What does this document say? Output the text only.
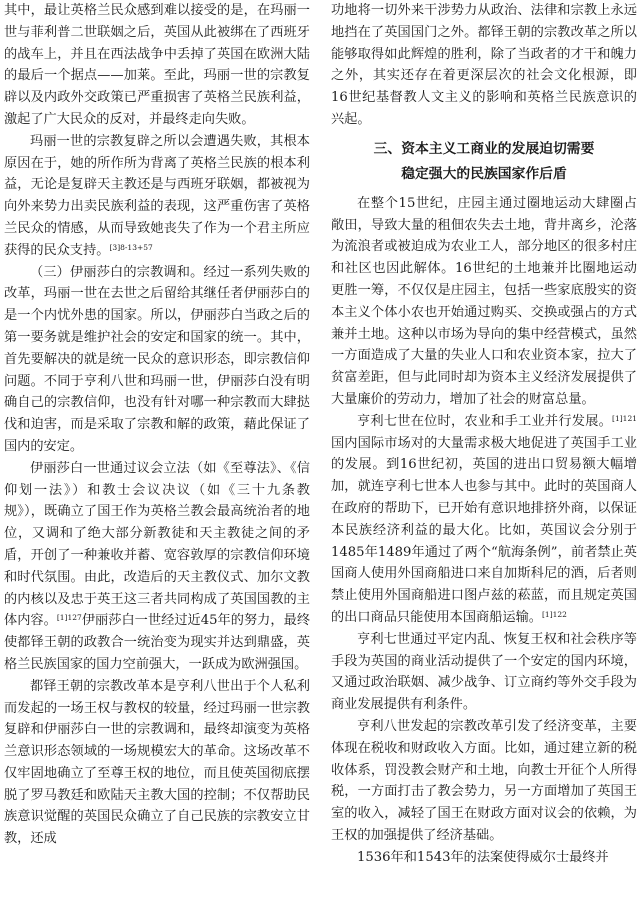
其中，最让英格兰民众感到难以接受的是，在玛丽一世与菲利普二世联姻之后，英国从此被绑在了西班牙的战车上，并且在西法战争中丢掉了英国在欧洲大陆的最后一个据点——加莱。至此，玛丽一世的宗教复辟以及内政外交政策已严重损害了英格兰民族利益，激起了广大民众的反对，并最终走向失败。

玛丽一世的宗教复辟之所以会遭遇失败，其根本原因在于，她的所作所为背离了英格兰民族的根本利益，无论是复辟天主教还是与西班牙联姻，都被视为向外来势力出卖民族利益的表现，这严重伤害了英格兰民众的情感，从而导致她丧失了作为一个君主所应获得的民众支持。$^{[3]8-13+57}$

（三）伊丽莎白的宗教调和。经过一系列失败的改革，玛丽一世在去世之后留给其继任者伊丽莎白的是一个内忧外患的国家。所以，伊丽莎白当政之后的第一要务就是维护社会的安定和国家的统一。其中，首先要解决的就是统一民众的意识形态，即宗教信仰问题。不同于亨利八世和玛丽一世，伊丽莎白没有明确自己的宗教信仰，也没有针对哪一种宗教而大肆挞伐和迫害，而是采取了宗教和解的政策，藉此保证了国内的安定。

伊丽莎白一世通过议会立法（如《至尊法》、《信仰划一法》）和教士会议决议（如《三十九条教规》），既确立了国王作为英格兰教会最高统治者的地位，又调和了绝大部分新教徒和天主教徒之间的矛盾，开创了一种兼收并蓄、宽容敦厚的宗教信仰环境和时代氛围。由此，改造后的天主教仪式、加尔文教的内核以及忠于英王这三者共同构成了英国国教的主体内容。$^{[1]127}$伊丽莎白一世经过近45年的努力，最终使都铎王朝的政教合一统治变为现实并达到鼎盛，英格兰民族国家的国力空前强大，一跃成为欧洲强国。

都铎王朝的宗教改革本是亨利八世出于个人私利而发起的一场王权与教权的较量，经过玛丽一世宗教复辟和伊丽莎白一世的宗教调和，最终却演变为英格兰意识形态领域的一场规模宏大的革命。这场改革不仅牢固地确立了至尊王权的地位，而且使英国彻底摆脱了罗马教廷和欧陆天主教大国的控制；不仅帮助民族意识觉醒的英国民众确立了自己民族的宗教安立甘教，还成

功地将一切外来干涉势力从政治、法律和宗教上永远地挡在了英国国门之外。都铎王朝的宗教改革之所以能够取得如此辉煌的胜利，除了当政者的才干和魄力之外，其实还存在着更深层次的社会文化根源，即16世纪基督教人文主义的影响和英格兰民族意识的兴起。

三、资本主义工商业的发展迫切需要
稳定强大的民族国家作后盾

在整个15世纪，庄园主通过圈地运动大肆圈占敞田，导致大量的租佃农失去土地，背井离乡，沦落为流浪者或被迫成为农业工人，部分地区的很多村庄和社区也因此解体。16世纪的土地兼并比圈地运动更胜一筹，不仅仅是庄园主，包括一些家底殷实的资本主义个体小农也开始通过购买、交换或强占的方式兼并土地。这种以市场为导向的集中经营模式，虽然一方面造成了大量的失业人口和农业资本家，拉大了贫富差距，但与此同时却为资本主义经济发展提供了大量廉价的劳动力，增加了社会的财富总量。

亨利七世在位时，农业和手工业并行发展。$^{[1]121}$国内国际市场对的大量需求极大地促进了英国手工业的发展。到16世纪初，英国的进出口贸易额大幅增加，就连亨利七世本人也参与其中。此时的英国商人在政府的帮助下，已开始有意识地排挤外商，以保证本民族经济利益的最大化。比如，英国议会分别于1485年1489年通过了两个“航海条例”，前者禁止英国商人使用外国商船进口来自加斯科尼的酒，后者则禁止使用外国商船进口图卢兹的菘蓝，而且规定英国的出口商品只能使用本国商船运输。$^{[1]122}$

亨利七世通过平定内乱、恢复王权和社会秩序等手段为英国的商业活动提供了一个安定的国内环境，又通过政治联姻、减少战争、订立商约等外交手段为商业发展提供有利条件。

亨利八世发起的宗教改革引发了经济变革，主要体现在税收和财政收入方面。比如，通过建立新的税收体系，罚没教会财产和土地，向教士开征个人所得税，一方面打击了教会势力，另一方面增加了英国王室的收入，减轻了国王在财政方面对议会的依赖，为王权的加强提供了经济基础。

1536年和1543年的法案使得威尔士最终并
